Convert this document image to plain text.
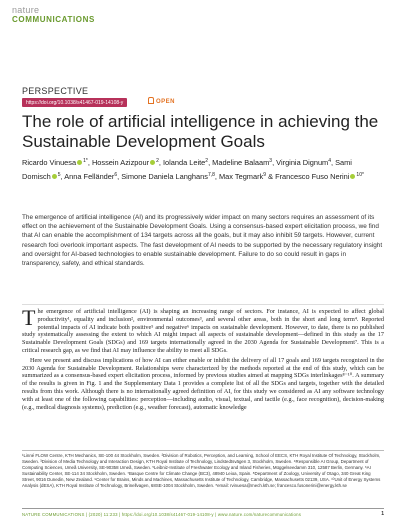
nature
COMMUNICATIONS
PERSPECTIVE
https://doi.org/10.1038/s41467-019-14108-y	OPEN
The role of artificial intelligence in achieving the Sustainable Development Goals
Ricardo Vinuesa $^{1*}$, Hossein Azizpour $^2$, Iolanda Leite$^2$, Madeline Balaam$^3$, Virginia Dignum$^4$, Sami Domisch $^5$, Anna Felländer$^6$, Simone Daniela Langhans$^{7,8}$, Max Tegmark$^9$ & Francesco Fuso Nerini $^{10*}$
The emergence of artificial intelligence (AI) and its progressively wider impact on many sectors requires an assessment of its effect on the achievement of the Sustainable Development Goals. Using a consensus-based expert elicitation process, we find that AI can enable the accomplishment of 134 targets across all the goals, but it may also inhibit 59 targets. However, current research foci overlook important aspects. The fast development of AI needs to be supported by the necessary regulatory insight and oversight for AI-based technologies to enable sustainable development. Failure to do so could result in gaps in transparency, safety, and ethical standards.

The emergence of artificial intelligence (AI) is shaping an increasing range of sectors. For instance, AI is expected to affect global productivity¹, equality and inclusion², environmental outcomes³, and several other areas, both in the short and long term⁴. Reported potential impacts of AI indicate both positive⁵ and negative⁶ impacts on sustainable development. However, to date, there is no published study systematically assessing the extent to which AI might impact all aspects of sustainable development—defined in this study as the 17 Sustainable Development Goals (SDGs) and 169 targets internationally agreed in the 2030 Agenda for Sustainable Development⁷. This is a critical research gap, as we find that AI may influence the ability to meet all SDGs.

Here we present and discuss implications of how AI can either enable or inhibit the delivery of all 17 goals and 169 targets recognized in the 2030 Agenda for Sustainable Development. Relationships were characterized by the methods reported at the end of this study, which can be summarized as a consensus-based expert elicitation process, informed by previous studies aimed at mapping SDGs interlinkages⁸⁻¹⁰. A summary of the results is given in Fig. 1 and the Supplementary Data 1 provides a complete list of all the SDGs and targets, together with the detailed results from this work. Although there is no internationally agreed definition of AI, for this study we considered as AI any software technology with at least one of the following capabilities: perception—including audio, visual, textual, and tactile (e.g., face recognition), decision-making (e.g., medical diagnosis systems), prediction (e.g., weather forecast), automatic knowledge

¹Linné FLOW Centre, KTH Mechanics, SE-100 44 Stockholm, Sweden. ²Division of Robotics, Perception, and Learning, School of EECS, KTH Royal Institute Of Technology, Stockholm, Sweden. ³Division of Media Technology and Interaction Design, KTH Royal Institute of Technology, Lindstedtsvägen 3, Stockholm, Sweden. ⁴Responsible AI Group, Department of Computing Sciences, Umeå University, SE-90358 Umeå, Sweden. ⁵Leibniz-Institute of Freshwater Ecology and Inland Fisheries, Müggelseedamm 310, 12587 Berlin, Germany. ⁶AI Sustainability Center, SE-114 34 Stockholm, Sweden. ⁷Basque Centre for Climate Change (BC3), 48940 Leioa, Spain. ⁸Department of Zoology, University of Otago, 340 Great King Street, 9016 Dunedin, New Zealand. ⁹Center for Brains, Minds and Machines, Massachusetts Institute of Technology, Cambridge, Massachusetts 02139, USA. ¹⁰Unit of Energy Systems Analysis (dESA), KTH Royal Institute of Technology, Brinellvagen, 68SE-1004 Stockholm, Sweden. *email: rvinuesa@mech.kth.se; francesco.fusonerini@energy.kth.se
NATURE COMMUNICATIONS | (2020) 11:233 | https://doi.org/10.1038/s41467-019-14108-y | www.nature.com/naturecommunications	1
